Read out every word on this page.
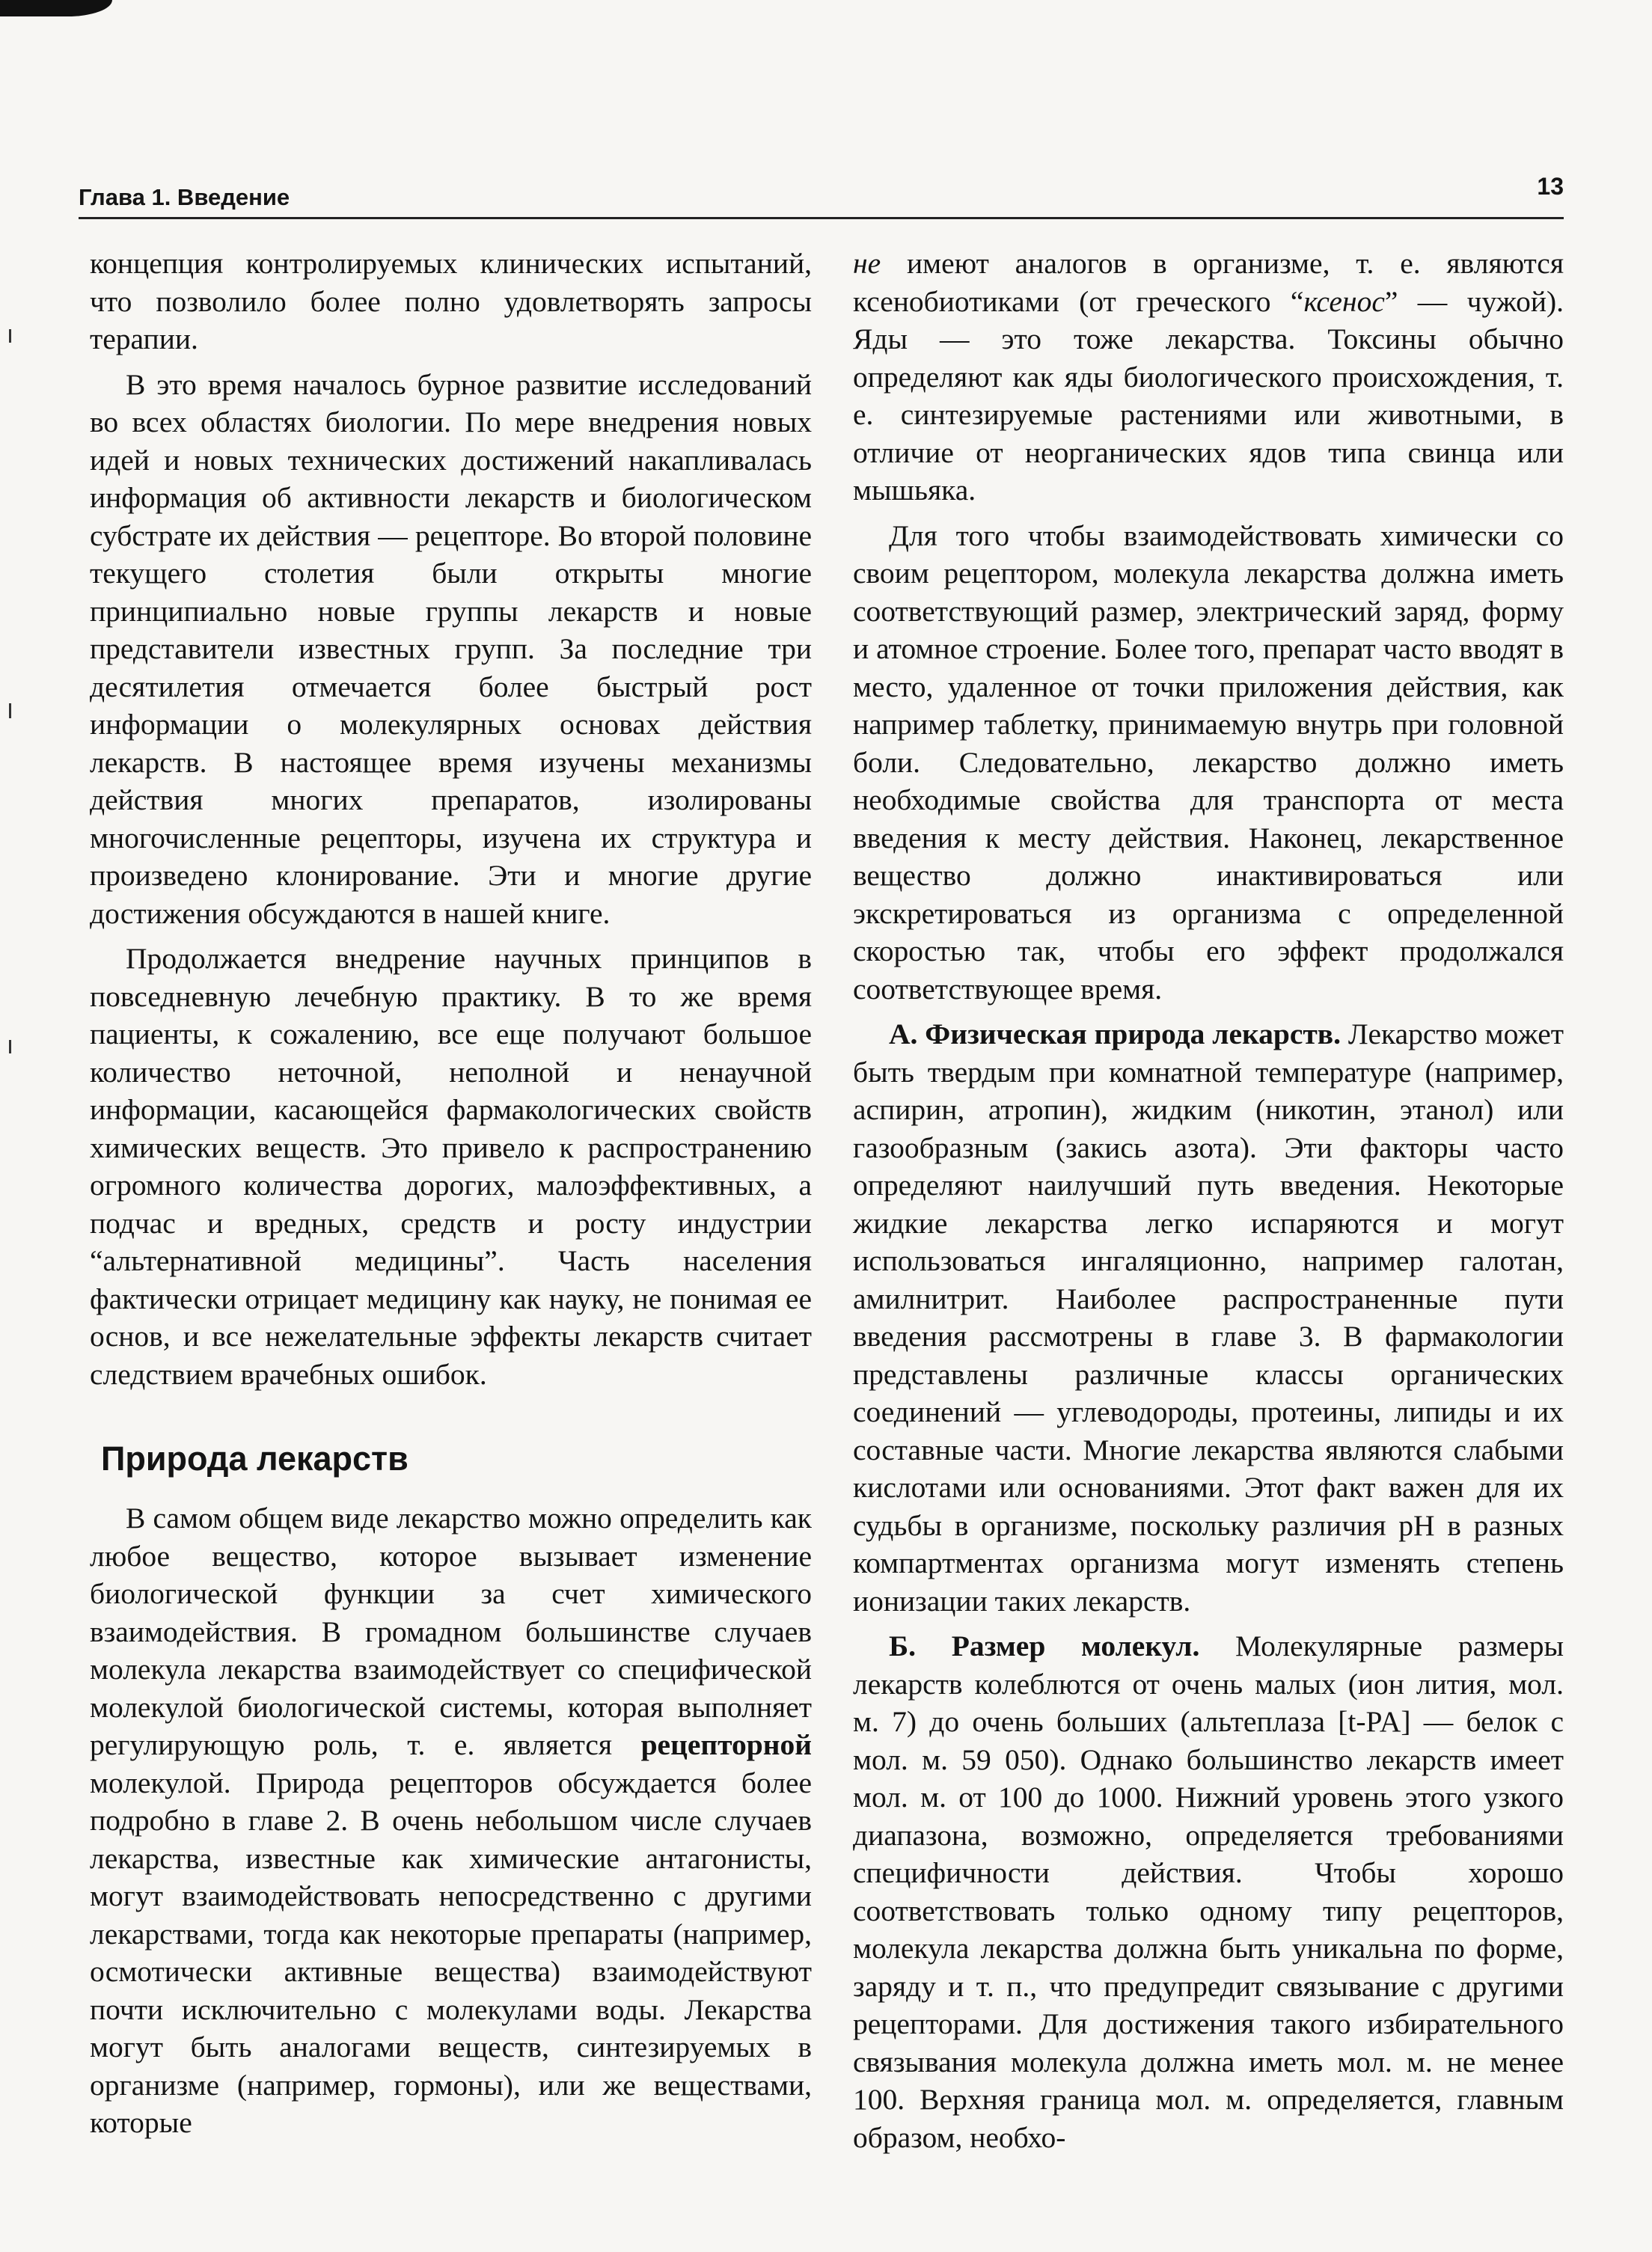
Глава 1. Введение	13

концепция контролируемых клинических испытаний, что позволило более полно удовлетворять запросы терапии.

В это время началось бурное развитие исследований во всех областях биологии. По мере внедрения новых идей и новых технических достижений накапливалась информация об активности лекарств и биологическом субстрате их действия — рецепторе. Во второй половине текущего столетия были открыты многие принципиально новые группы лекарств и новые представители известных групп. За последние три десятилетия отмечается более быстрый рост информации о молекулярных основах действия лекарств. В настоящее время изучены механизмы действия многих препаратов, изолированы многочисленные рецепторы, изучена их структура и произведено клонирование. Эти и многие другие достижения обсуждаются в нашей книге.

Продолжается внедрение научных принципов в повседневную лечебную практику. В то же время пациенты, к сожалению, все еще получают большое количество неточной, неполной и ненаучной информации, касающейся фармакологических свойств химических веществ. Это привело к распространению огромного количества дорогих, малоэффективных, а подчас и вредных, средств и росту индустрии “альтернативной медицины”. Часть населения фактически отрицает медицину как науку, не понимая ее основ, и все нежелательные эффекты лекарств считает следствием врачебных ошибок.

Природа лекарств

В самом общем виде лекарство можно определить как любое вещество, которое вызывает изменение биологической функции за счет химического взаимодействия. В громадном большинстве случаев молекула лекарства взаимодействует со специфической молекулой биологической системы, которая выполняет регулирующую роль, т. е. является рецепторной молекулой. Природа рецепторов обсуждается более подробно в главе 2. В очень небольшом числе случаев лекарства, известные как химические антагонисты, могут взаимодействовать непосредственно с другими лекарствами, тогда как некоторые препараты (например, осмотически активные вещества) взаимодействуют почти исключительно с молекулами воды. Лекарства могут быть аналогами веществ, синтезируемых в организме (например, гормоны), или же веществами, которые

не имеют аналогов в организме, т. е. являются ксенобиотиками (от греческого “ксенос” — чужой). Яды — это тоже лекарства. Токсины обычно определяют как яды биологического происхождения, т. е. синтезируемые растениями или животными, в отличие от неорганических ядов типа свинца или мышьяка.

Для того чтобы взаимодействовать химически со своим рецептором, молекула лекарства должна иметь соответствующий размер, электрический заряд, форму и атомное строение. Более того, препарат часто вводят в место, удаленное от точки приложения действия, как например таблетку, принимаемую внутрь при головной боли. Следовательно, лекарство должно иметь необходимые свойства для транспорта от места введения к месту действия. Наконец, лекарственное вещество должно инактивироваться или экскретироваться из организма с определенной скоростью так, чтобы его эффект продолжался соответствующее время.

А. Физическая природа лекарств. Лекарство может быть твердым при комнатной температуре (например, аспирин, атропин), жидким (никотин, этанол) или газообразным (закись азота). Эти факторы часто определяют наилучший путь введения. Некоторые жидкие лекарства легко испаряются и могут использоваться ингаляционно, например галотан, амилнитрит. Наиболее распространенные пути введения рассмотрены в главе 3. В фармакологии представлены различные классы органических соединений — углеводороды, протеины, липиды и их составные части. Многие лекарства являются слабыми кислотами или основаниями. Этот факт важен для их судьбы в организме, поскольку различия pH в разных компартментах организма могут изменять степень ионизации таких лекарств.

Б. Размер молекул. Молекулярные размеры лекарств колеблются от очень малых (ион лития, мол. м. 7) до очень больших (альтеплаза [t-PA] — белок с мол. м. 59 050). Однако большинство лекарств имеет мол. м. от 100 до 1000. Нижний уровень этого узкого диапазона, возможно, определяется требованиями специфичности действия. Чтобы хорошо соответствовать только одному типу рецепторов, молекула лекарства должна быть уникальна по форме, заряду и т. п., что предупредит связывание с другими рецепторами. Для достижения такого избирательного связывания молекула должна иметь мол. м. не менее 100. Верхняя граница мол. м. определяется, главным образом, необхо-
